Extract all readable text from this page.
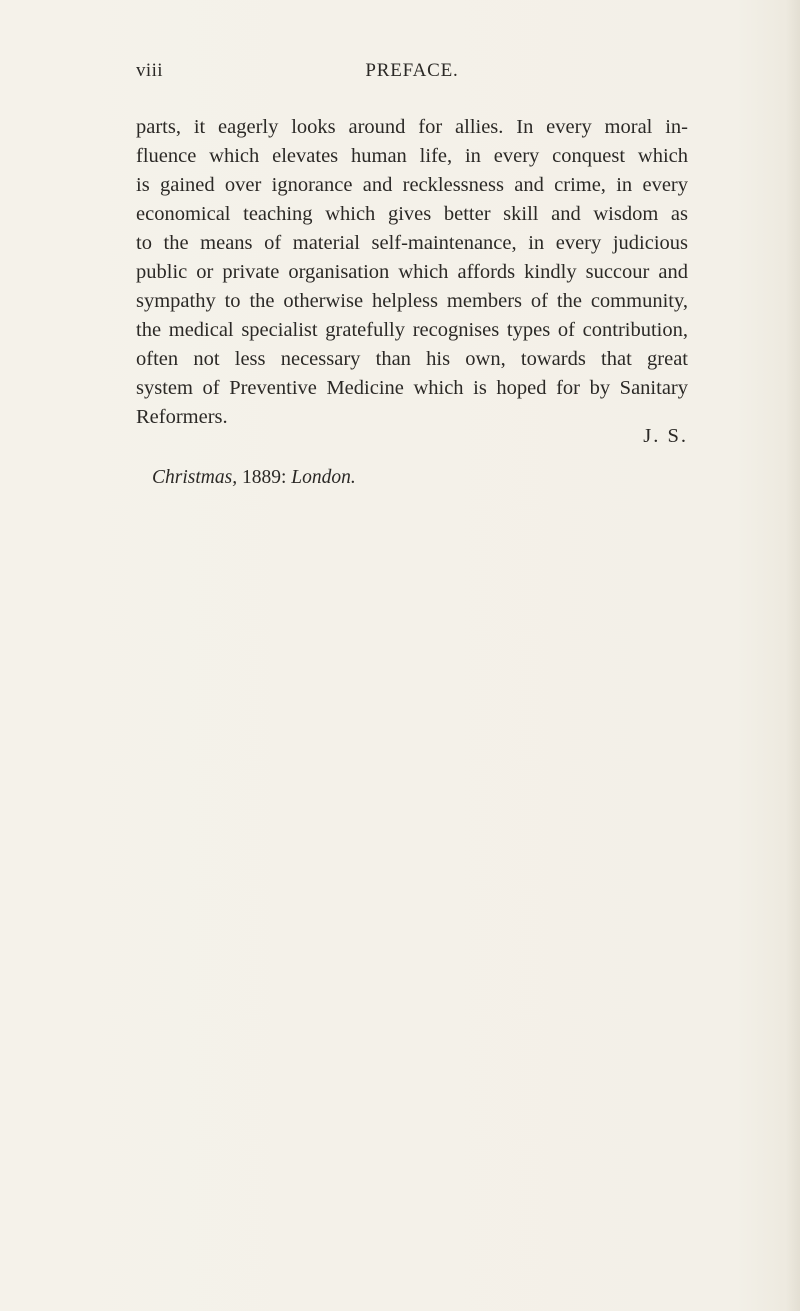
viii	PREFACE.
parts, it eagerly looks around for allies. In every moral in-
fluence which elevates human life, in every conquest which
is gained over ignorance and recklessness and crime, in every
economical teaching which gives better skill and wisdom as
to the means of material self-maintenance, in every judicious
public or private organisation which affords kindly succour and
sympathy to the otherwise helpless members of the community,
the medical specialist gratefully recognises types of contribution,
often not less necessary than his own, towards that great
system of Preventive Medicine which is hoped for by Sanitary
Reformers.
J. S.
Christmas, 1889: London.
